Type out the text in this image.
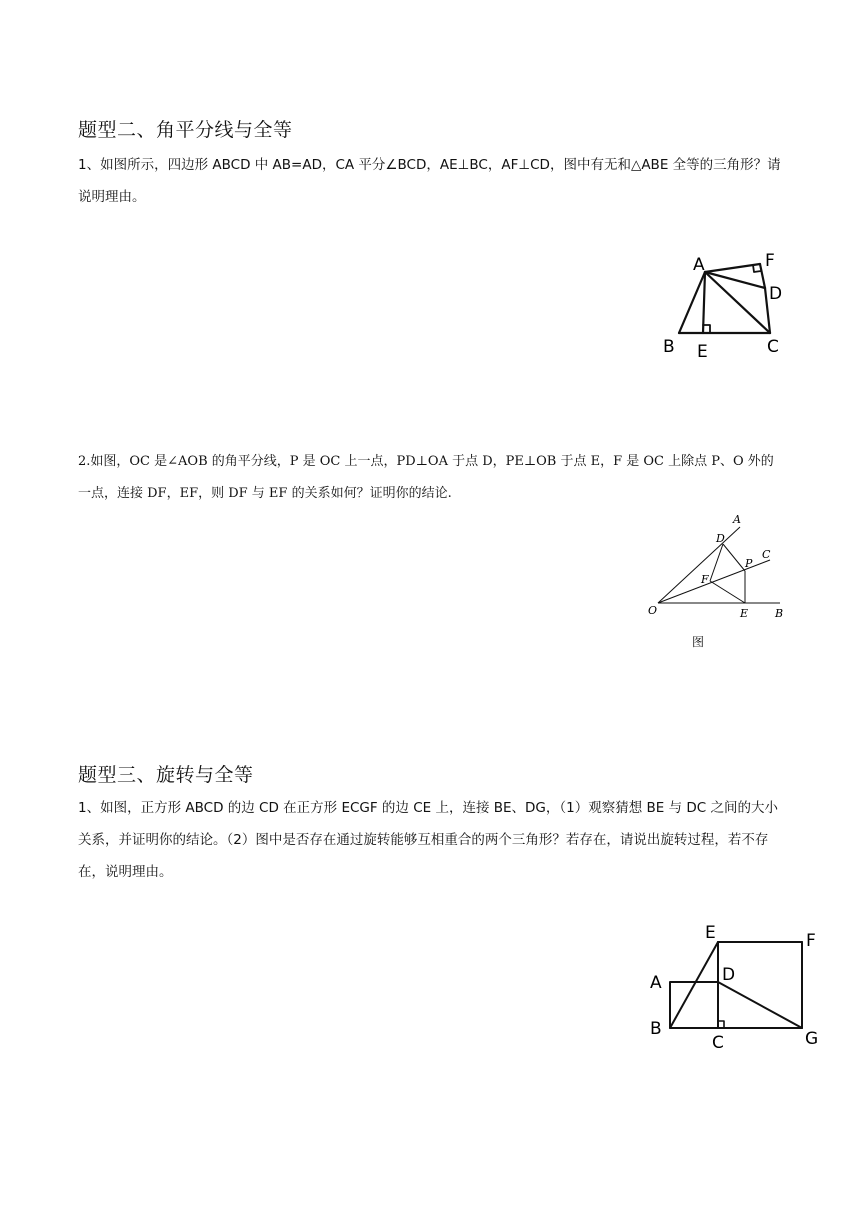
题型二、角平分线与全等
1、如图所示，四边形 ABCD 中 AB=AD，CA 平分∠BCD，AE⊥BC，AF⊥CD，图中有无和△ABE 全等的三角形？请说明理由。
A
B E	C
D
F
2.如图，OC 是∠AOB 的角平分线，P 是 OC 上一点，PD⊥OA 于点 D，PE⊥OB 于点 E，F 是 OC 上除点 P、O 外的一点，连接 DF，EF，则 DF 与 EF 的关系如何？证明你的结论.
A
D
C
P
F
O	E B
图
题型三、旋转与全等
1、如图，正方形 ABCD 的边 CD 在正方形 ECGF 的边 CE 上，连接 BE、DG，（1）观察猜想 BE 与 DC 之间的大小关系，并证明你的结论。（2）图中是否存在通过旋转能够互相重合的两个三角形？若存在，请说出旋转过程，若不存在，说明理由。
E	F
A	D
B
C	G
